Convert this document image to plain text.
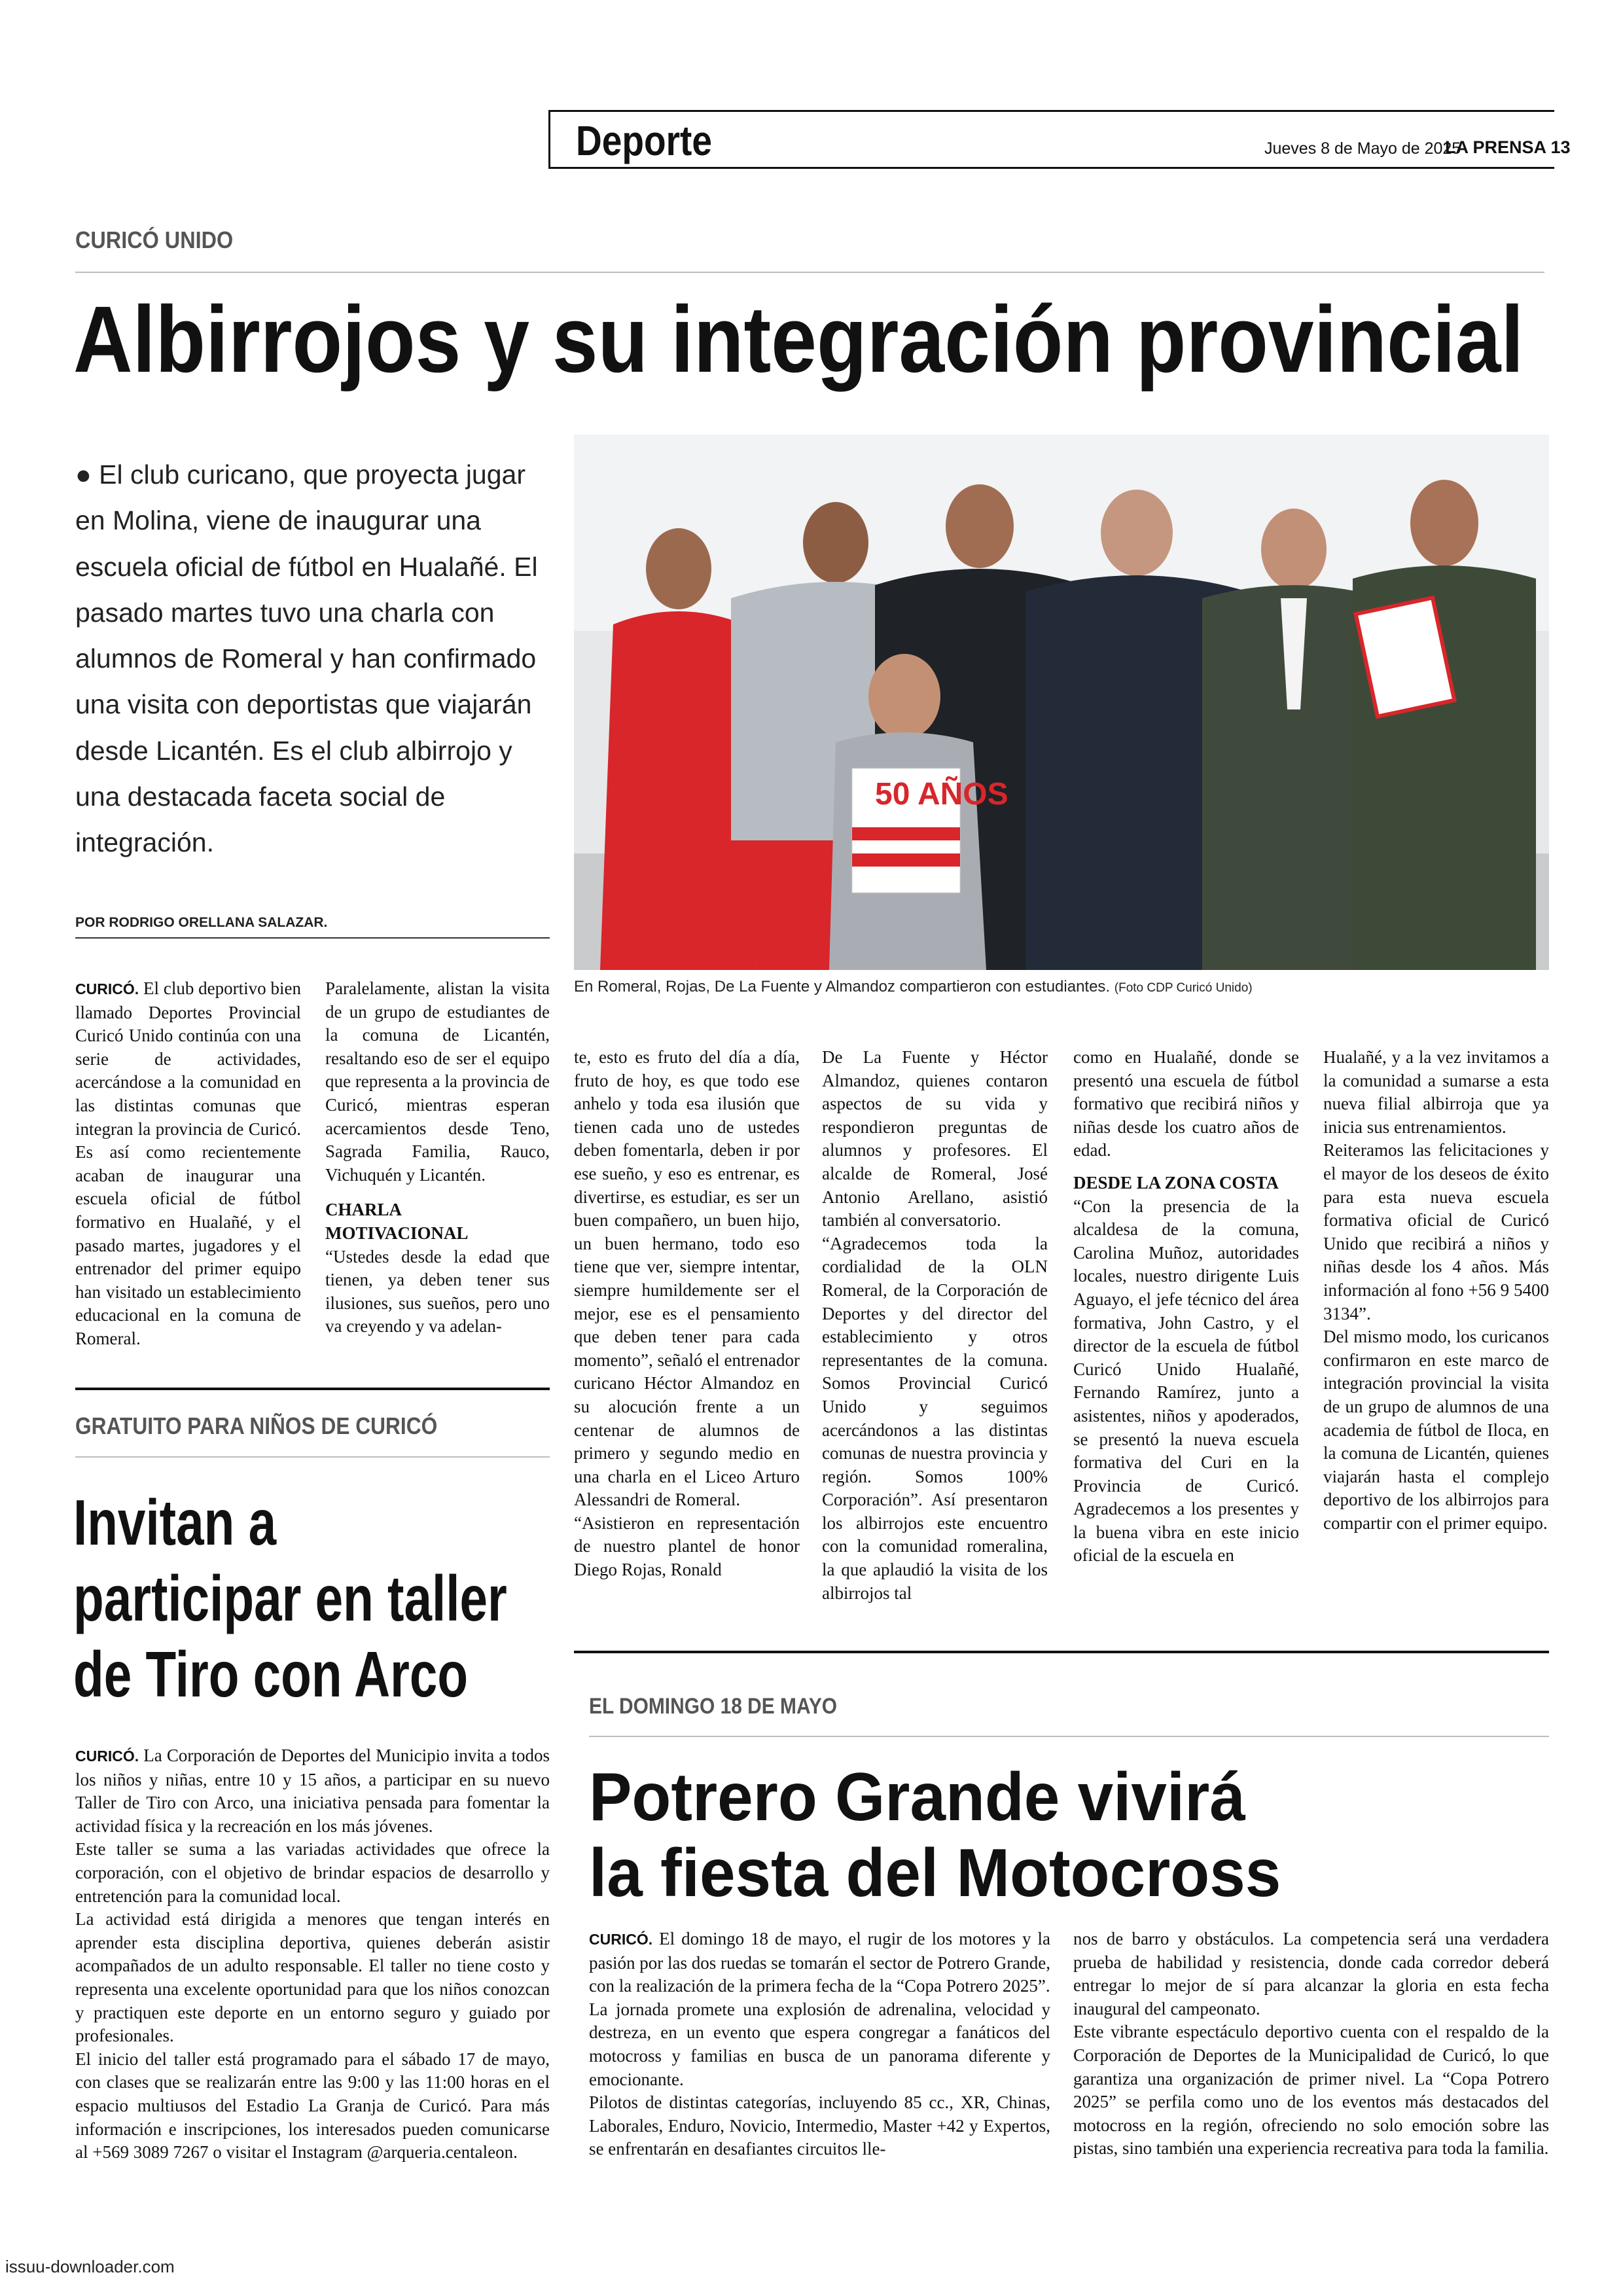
Deporte	Jueves 8 de Mayo de 2025
LA PRENSA 13
CURICÓ UNIDO
Albirrojos y su integración provincial
● El club curicano, que proyecta jugar en Molina, viene de inaugurar una escuela oficial de fútbol en Hualañé. El pasado martes tuvo una charla con alumnos de Romeral y han confirmado una visita con deportistas que viajarán desde Licantén. Es el club albirrojo y una destacada faceta social de integración.
POR RODRIGO ORELLANA SALAZAR.
50 AÑOS
En Romeral, Rojas, De La Fuente y Almandoz compartieron con estudiantes. (Foto CDP Curicó Unido)

CURICÓ. El club deportivo bien llamado Deportes Provincial Curicó Unido continúa con una serie de actividades, acercándose a la comunidad en las distintas comunas que integran la provincia de Curicó. Es así como recientemente acaban de inaugurar una escuela oficial de fútbol formativo en Hualañé, y el pasado martes, jugadores y el entrenador del primer equipo han visitado un establecimiento educacional en la comuna de Romeral.

Paralelamente, alistan la visita de un grupo de estudiantes de la comuna de Licantén, resaltando eso de ser el equipo que representa a la provincia de Curicó, mientras esperan acercamientos desde Teno, Sagrada Familia, Rauco, Vichuquén y Licantén.

CHARLA MOTIVACIONAL

“Ustedes desde la edad que tienen, ya deben tener sus ilusiones, sus sueños, pero uno va creyendo y va adelan-

te, esto es fruto del día a día, fruto de hoy, es que todo ese anhelo y toda esa ilusión que tienen cada uno de ustedes deben fomentarla, deben ir por ese sueño, y eso es entrenar, es divertirse, es estudiar, es ser un buen compañero, un buen hijo, un buen hermano, todo eso tiene que ver, siempre intentar, siempre humildemente ser el mejor, ese es el pensamiento que deben tener para cada momento”, señaló el entrenador curicano Héctor Almandoz en su alocución frente a un centenar de alumnos de primero y segundo medio en una charla en el Liceo Arturo Alessandri de Romeral.

“Asistieron en representación de nuestro plantel de honor Diego Rojas, Ronald

De La Fuente y Héctor Almandoz, quienes contaron aspectos de su vida y respondieron preguntas de alumnos y profesores. El alcalde de Romeral, José Antonio Arellano, asistió también al conversatorio.

“Agradecemos toda la cordialidad de la OLN Romeral, de la Corporación de Deportes y del director del establecimiento y otros representantes de la comuna. Somos Provincial Curicó Unido y seguimos acercándonos a las distintas comunas de nuestra provincia y región. Somos 100% Corporación”. Así presentaron los albirrojos este encuentro con la comunidad romeralina, la que aplaudió la visita de los albirrojos tal

como en Hualañé, donde se presentó una escuela de fútbol formativo que recibirá niños y niñas desde los cuatro años de edad.

DESDE LA ZONA COSTA

“Con la presencia de la alcaldesa de la comuna, Carolina Muñoz, autoridades locales, nuestro dirigente Luis Aguayo, el jefe técnico del área formativa, John Castro, y el director de la escuela de fútbol Curicó Unido Hualañé, Fernando Ramírez, junto a asistentes, niños y apoderados, se presentó la nueva escuela formativa del Curi en la Provincia de Curicó. Agradecemos a los presentes y la buena vibra en este inicio oficial de la escuela en

Hualañé, y a la vez invitamos a la comunidad a sumarse a esta nueva filial albirroja que ya inicia sus entrenamientos.

Reiteramos las felicitaciones y el mayor de los deseos de éxito para esta nueva escuela formativa oficial de Curicó Unido que recibirá a niños y niñas desde los 4 años. Más información al fono +56 9 5400 3134”.

Del mismo modo, los curicanos confirmaron en este marco de integración provincial la visita de un grupo de alumnos de una academia de fútbol de Iloca, en la comuna de Licantén, quienes viajarán hasta el complejo deportivo de los albirrojos para compartir con el primer equipo.

GRATUITO PARA NIÑOS DE CURICÓ
Invitan a
participar en taller
de Tiro con Arco

CURICÓ. La Corporación de Deportes del Municipio invita a todos los niños y niñas, entre 10 y 15 años, a participar en su nuevo Taller de Tiro con Arco, una iniciativa pensada para fomentar la actividad física y la recreación en los más jóvenes.

Este taller se suma a las variadas actividades que ofrece la corporación, con el objetivo de brindar espacios de desarrollo y entretención para la comunidad local.

La actividad está dirigida a menores que tengan interés en aprender esta disciplina deportiva, quienes deberán asistir acompañados de un adulto responsable. El taller no tiene costo y representa una excelente oportunidad para que los niños conozcan y practiquen este deporte en un entorno seguro y guiado por profesionales.

El inicio del taller está programado para el sábado 17 de mayo, con clases que se realizarán entre las 9:00 y las 11:00 horas en el espacio multiusos del Estadio La Granja de Curicó. Para más información e inscripciones, los interesados pueden comunicarse al +569 3089 7267 o visitar el Instagram @arqueria.centaleon.

EL DOMINGO 18 DE MAYO
Potrero Grande vivirá
la fiesta del Motocross

CURICÓ. El domingo 18 de mayo, el rugir de los motores y la pasión por las dos ruedas se tomarán el sector de Potrero Grande, con la realización de la primera fecha de la “Copa Potrero 2025”.

La jornada promete una explosión de adrenalina, velocidad y destreza, en un evento que espera congregar a fanáticos del motocross y familias en busca de un panorama diferente y emocionante.

Pilotos de distintas categorías, incluyendo 85 cc., XR, Chinas, Laborales, Enduro, Novicio, Intermedio, Master +42 y Expertos, se enfrentarán en desafiantes circuitos lle-

nos de barro y obstáculos. La competencia será una verdadera prueba de habilidad y resistencia, donde cada corredor deberá entregar lo mejor de sí para alcanzar la gloria en esta fecha inaugural del campeonato.

Este vibrante espectáculo deportivo cuenta con el respaldo de la Corporación de Deportes de la Municipalidad de Curicó, lo que garantiza una organización de primer nivel. La “Copa Potrero 2025” se perfila como uno de los eventos más destacados del motocross en la región, ofreciendo no solo emoción sobre las pistas, sino también una experiencia recreativa para toda la familia.

issuu-downloader.com
